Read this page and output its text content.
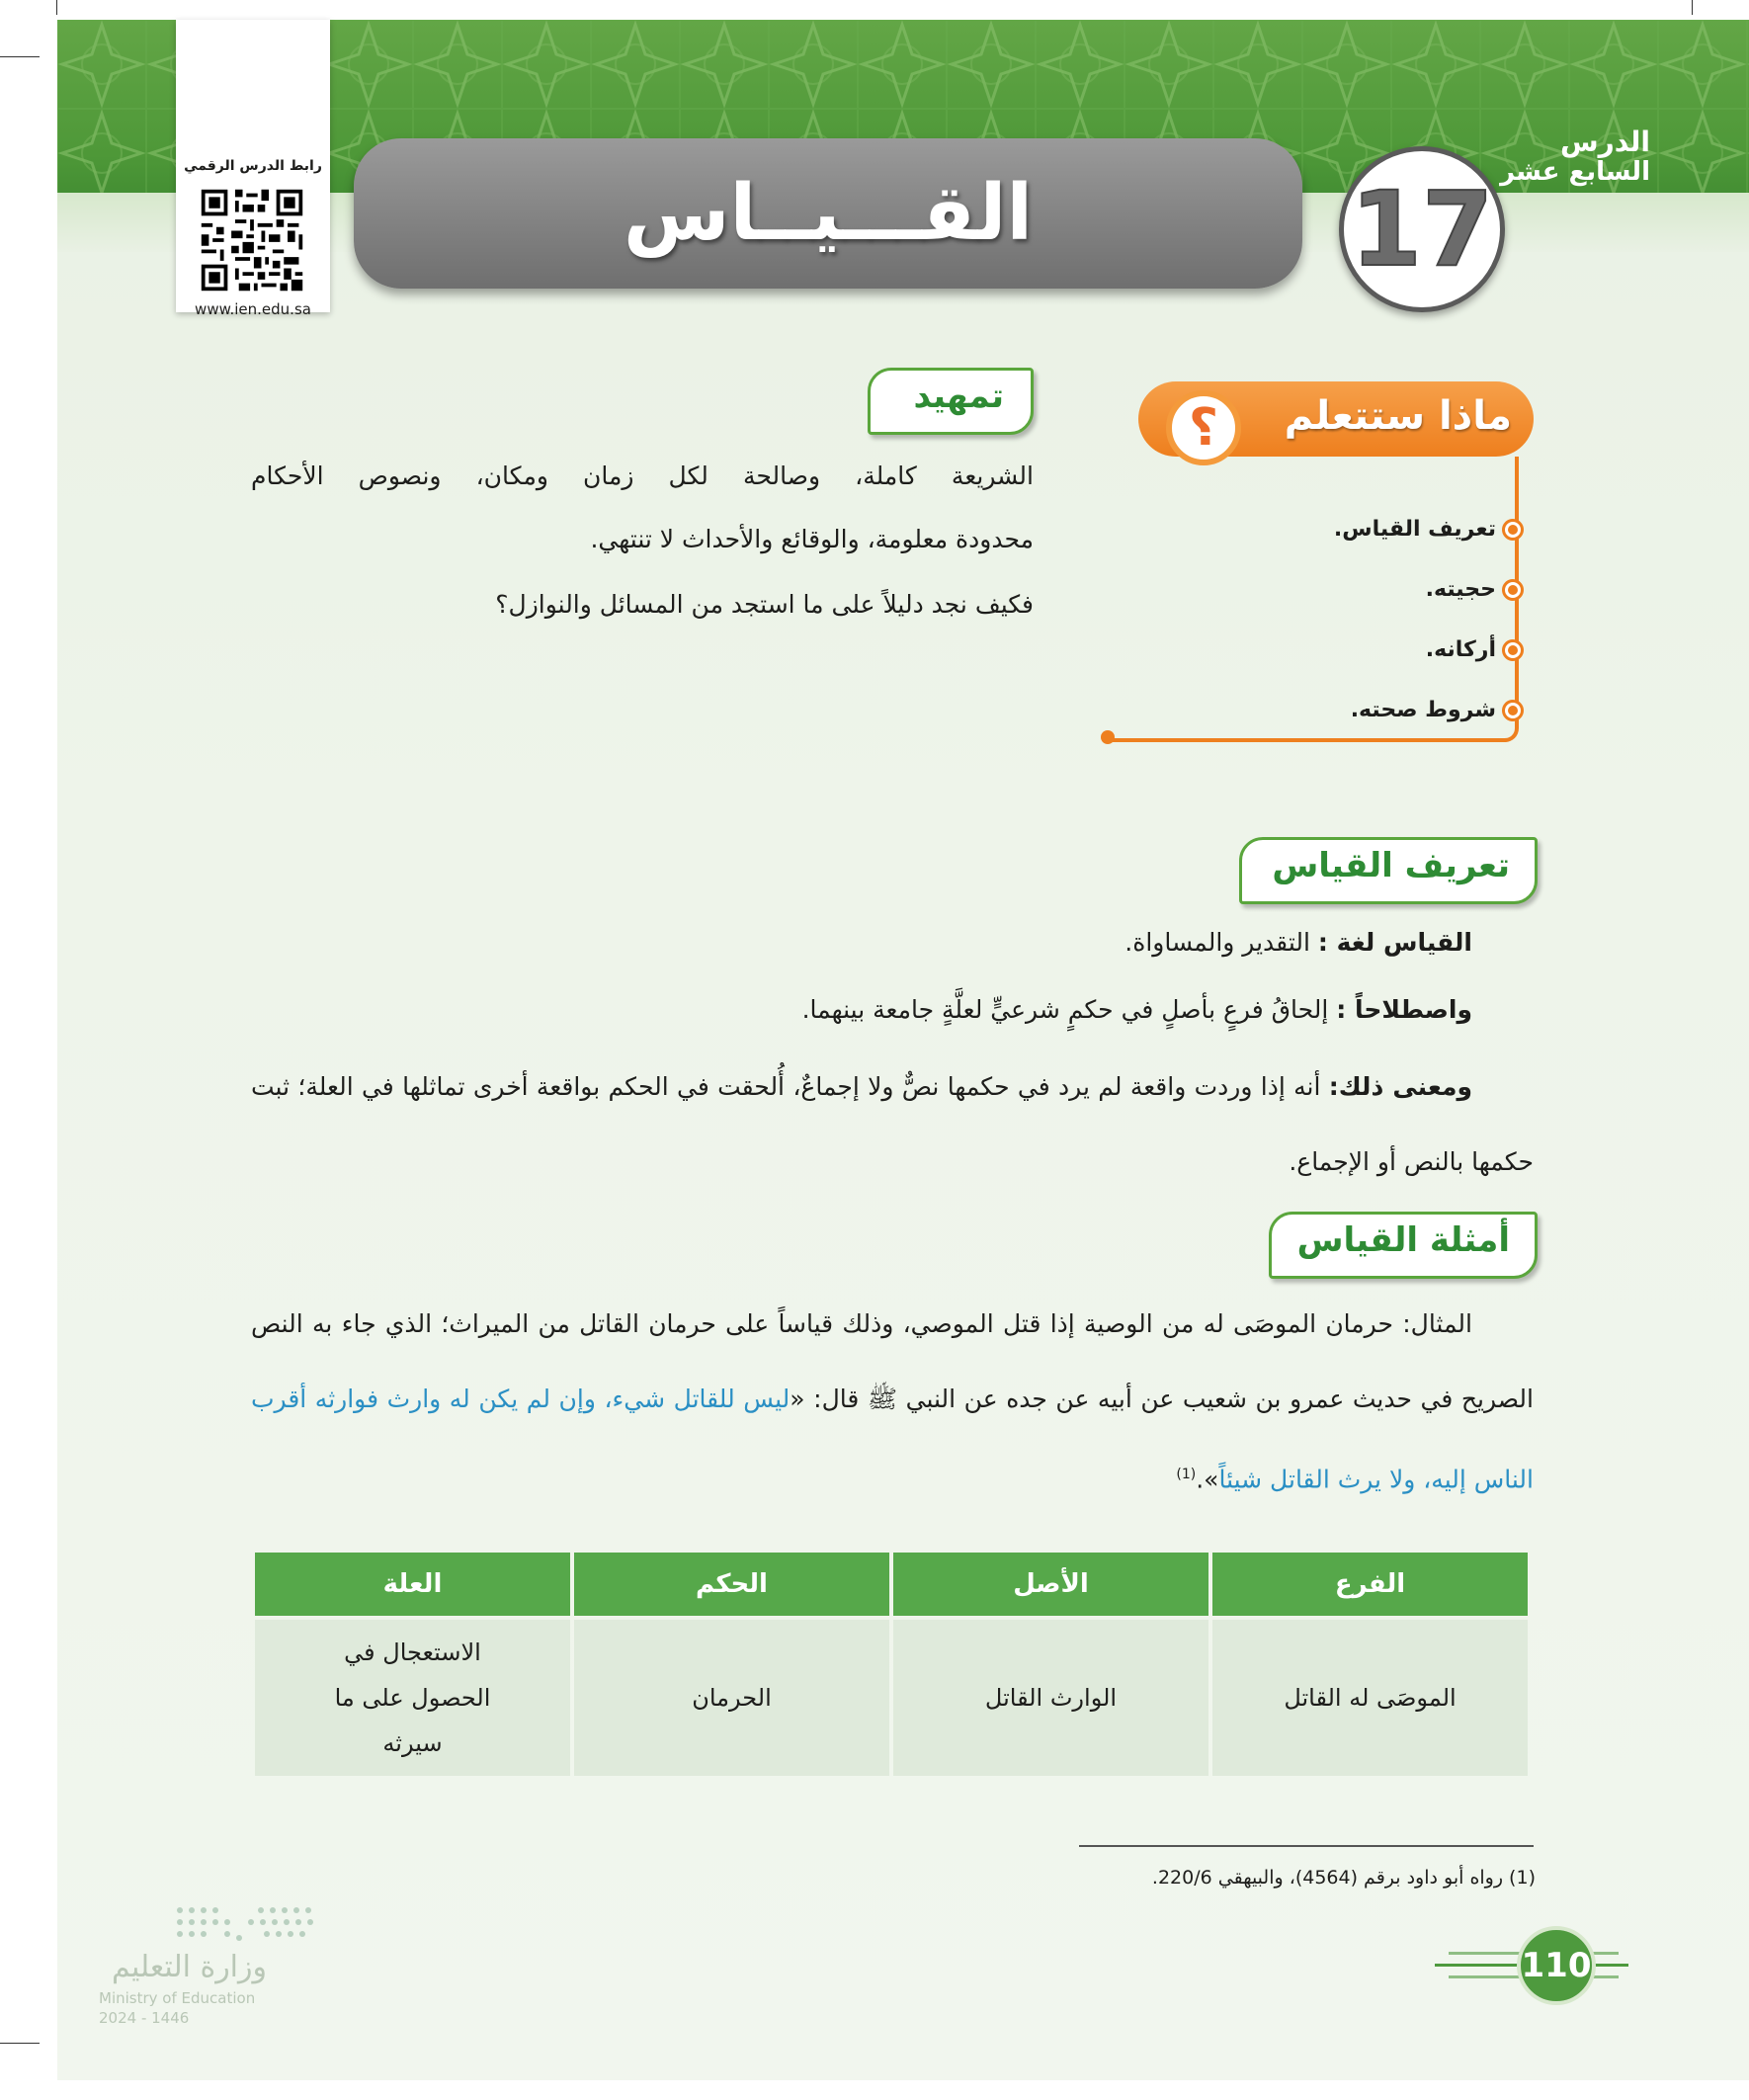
رابط الدرس الرقمي
www.ien.edu.sa
القـــيــاس	17
الدرس
السابع عشر
ماذا ستتعلم
؟
تعريف القياس.
حجيته.
أركانه.
شروط صحته.
تمهيد
الشريعة كاملة، وصالحة لكل زمان ومكان، ونصوص الأحكام
محدودة معلومة، والوقائع والأحداث لا تنتهي.
فكيف نجد دليلاً على ما استجد من المسائل والنوازل؟
تعريف القياس
القياس لغة : التقدير والمساواة.
واصطلاحاً : إلحاقُ فرعٍ بأصلٍ في حكمٍ شرعيٍّ لعلَّةٍ جامعة بينهما.
ومعنى ذلك: أنه إذا وردت واقعة لم يرد في حكمها نصٌّ ولا إجماعٌ، أُلحقت في الحكم بواقعة أخرى تماثلها في العلة؛ ثبت حكمها بالنص أو الإجماع.
أمثلة القياس
المثال: حرمان الموصَى له من الوصية إذا قتل الموصي، وذلك قياساً على حرمان القاتل من الميراث؛ الذي جاء به النص الصريح في حديث عمرو بن شعيب عن أبيه عن جده عن النبي ﷺ قال: «ليس للقاتل شيء، وإن لم يكن له وارث فوارثه أقرب الناس إليه، ولا يرث القاتل شيئاً».$^{(1)}$
الفرع	الأصل	الحكم	العلة
الموصَى له القاتل	الوارث القاتل	الحرمان	الاستعجال في الحصول على ما سيرثه
(1) رواه أبو داود برقم (4564)، والبيهقي 220/6.
110
وزارة التعليم
Ministry of Education
2024 - 1446
